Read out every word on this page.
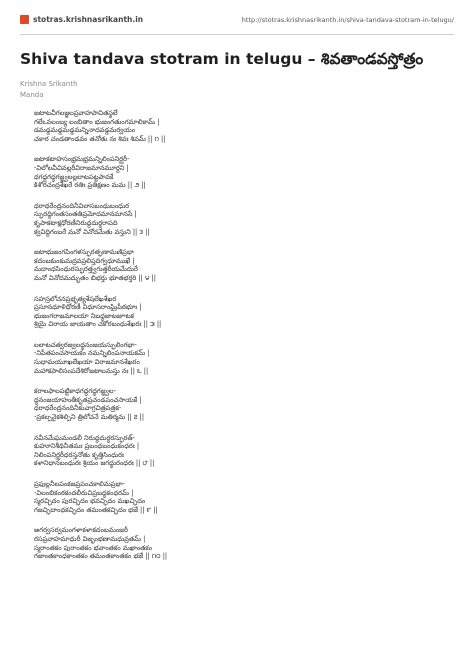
stotras.krishnasrikanth.in	http://stotras.krishnasrikanth.in/shiva-tandava-stotram-in-telugu/
Shiva tandava stotram in telugu – శివతాండవస్తోత్రం
Krishna Srikanth
Manda
జటాటవీగలజ్జలప్రవాహపావితస్థలే
గలేఽవలంబ్య లంబితాం భుజంగతుంగమాలికామ్ |
డమడ్డమడ్డమడ్డమన్నినాదవడ్డమర్వయం
చకార చండతాండవం తనోతు నః శివః శివమ్ || ౧ ||
జటాకటాహసంభ్రమభ్రమన్నిలింపనిర్ఝరీ-
-విలోలవీచివల్లరీవిరాజమానమూర్ధని |
ధగద్ధగద్ధగజ్జ్వలల్లలాటపట్టపావకే
కిశోరచంద్రశేఖరే రతిః ప్రతిక్షణం మమ || ౨ ||
ధరాధరేంద్రనందినీవిలాసబంధుబంధుర
స్ఫురద్దిగంతసంతతిప్రమోదమానమానసే |
కృపాకటాక్షధోరణీనిరుద్ధదుర్ధరాపది
క్వచిద్దిగంబరే మనో వినోదమేతు వస్తుని || ౩ ||
జటాభుజంగపింగళస్ఫురత్ఫణామణిప్రభా
కదంబకుంకుమద్రవప్రలిప్తదిగ్వధూముఖే |
మదాంధసింధురస్ఫురత్త్వగుత్తరీయమేదురే
మనో వినోదమద్భుతం బిభర్తు భూతభర్తరి || ౪ ||
సహస్రలోచనప్రభృత్యశేషలేఖశేఖర
ప్రసూనధూళిధోరణీ విధూసరాంఘ్రిపీఠభూః |
భుజంగరాజమాలయా నిబద్ధజాటజూటక
శ్రియై చిరాయ జాయతాం చకోరబంధుశేఖరః || ౫ ||
లలాటచత్వరజ్వలద్ధనంజయస్ఫులింగభా-
-నిపీతపంచసాయకం నమన్నిలింపనాయకమ్ |
సుధామయూఖలేఖయా విరాజమానశేఖరం
మహాకపాలిసంపదేశిరోజటాలమస్తు నః || ౬ ||
కరాలఫాలపట్టికాధగద్ధగద్ధగజ్జ్వల-
ద్ధనంజయాహుతీకృతప్రచండపంచసాయకే |
ధరాధరేంద్రనందినీకుచాగ్రచిత్రపత్రక-
-ప్రకల్పనైకశిల్పిని త్రిలోచనే మతిర్మమ || ౭ ||
నవీనమేఘమండలీ నిరుద్ధదుర్ధరస్ఫురత్-
కుహూనిశీథినీతమః ప్రబంధబంధుకంధరః |
నిలింపనిర్ఝరీధరస్తనోతు కృత్తిసింధురః
కళానిధానబంధురః శ్రియం జగద్ధురంధరః || ౮ ||
ప్రఫుల్లనీలపంకజప్రపంచకాలిమప్రభా-
-విలంబికంఠకందలీరుచిప్రబద్ధకంధరమ్ |
స్మరచ్ఛిదం పురచ్ఛిదం భవచ్ఛిదం మఖచ్ఛిదం
గజచ్ఛిదాంధకచ్ఛిదం తమంతకచ్ఛిదం భజే || ౯ ||
అగర్వసర్వమంగళాకళాకదంబమంజరీ
రసప్రవాహమాధురీ విజృంభణామధువ్రతమ్ |
స్మరాంతకం పురాంతకం భవాంతకం మఖాంతకం
గజాంతకాంధకాంతకం తమంతకాంతకం భజే || ౧౦ ||
